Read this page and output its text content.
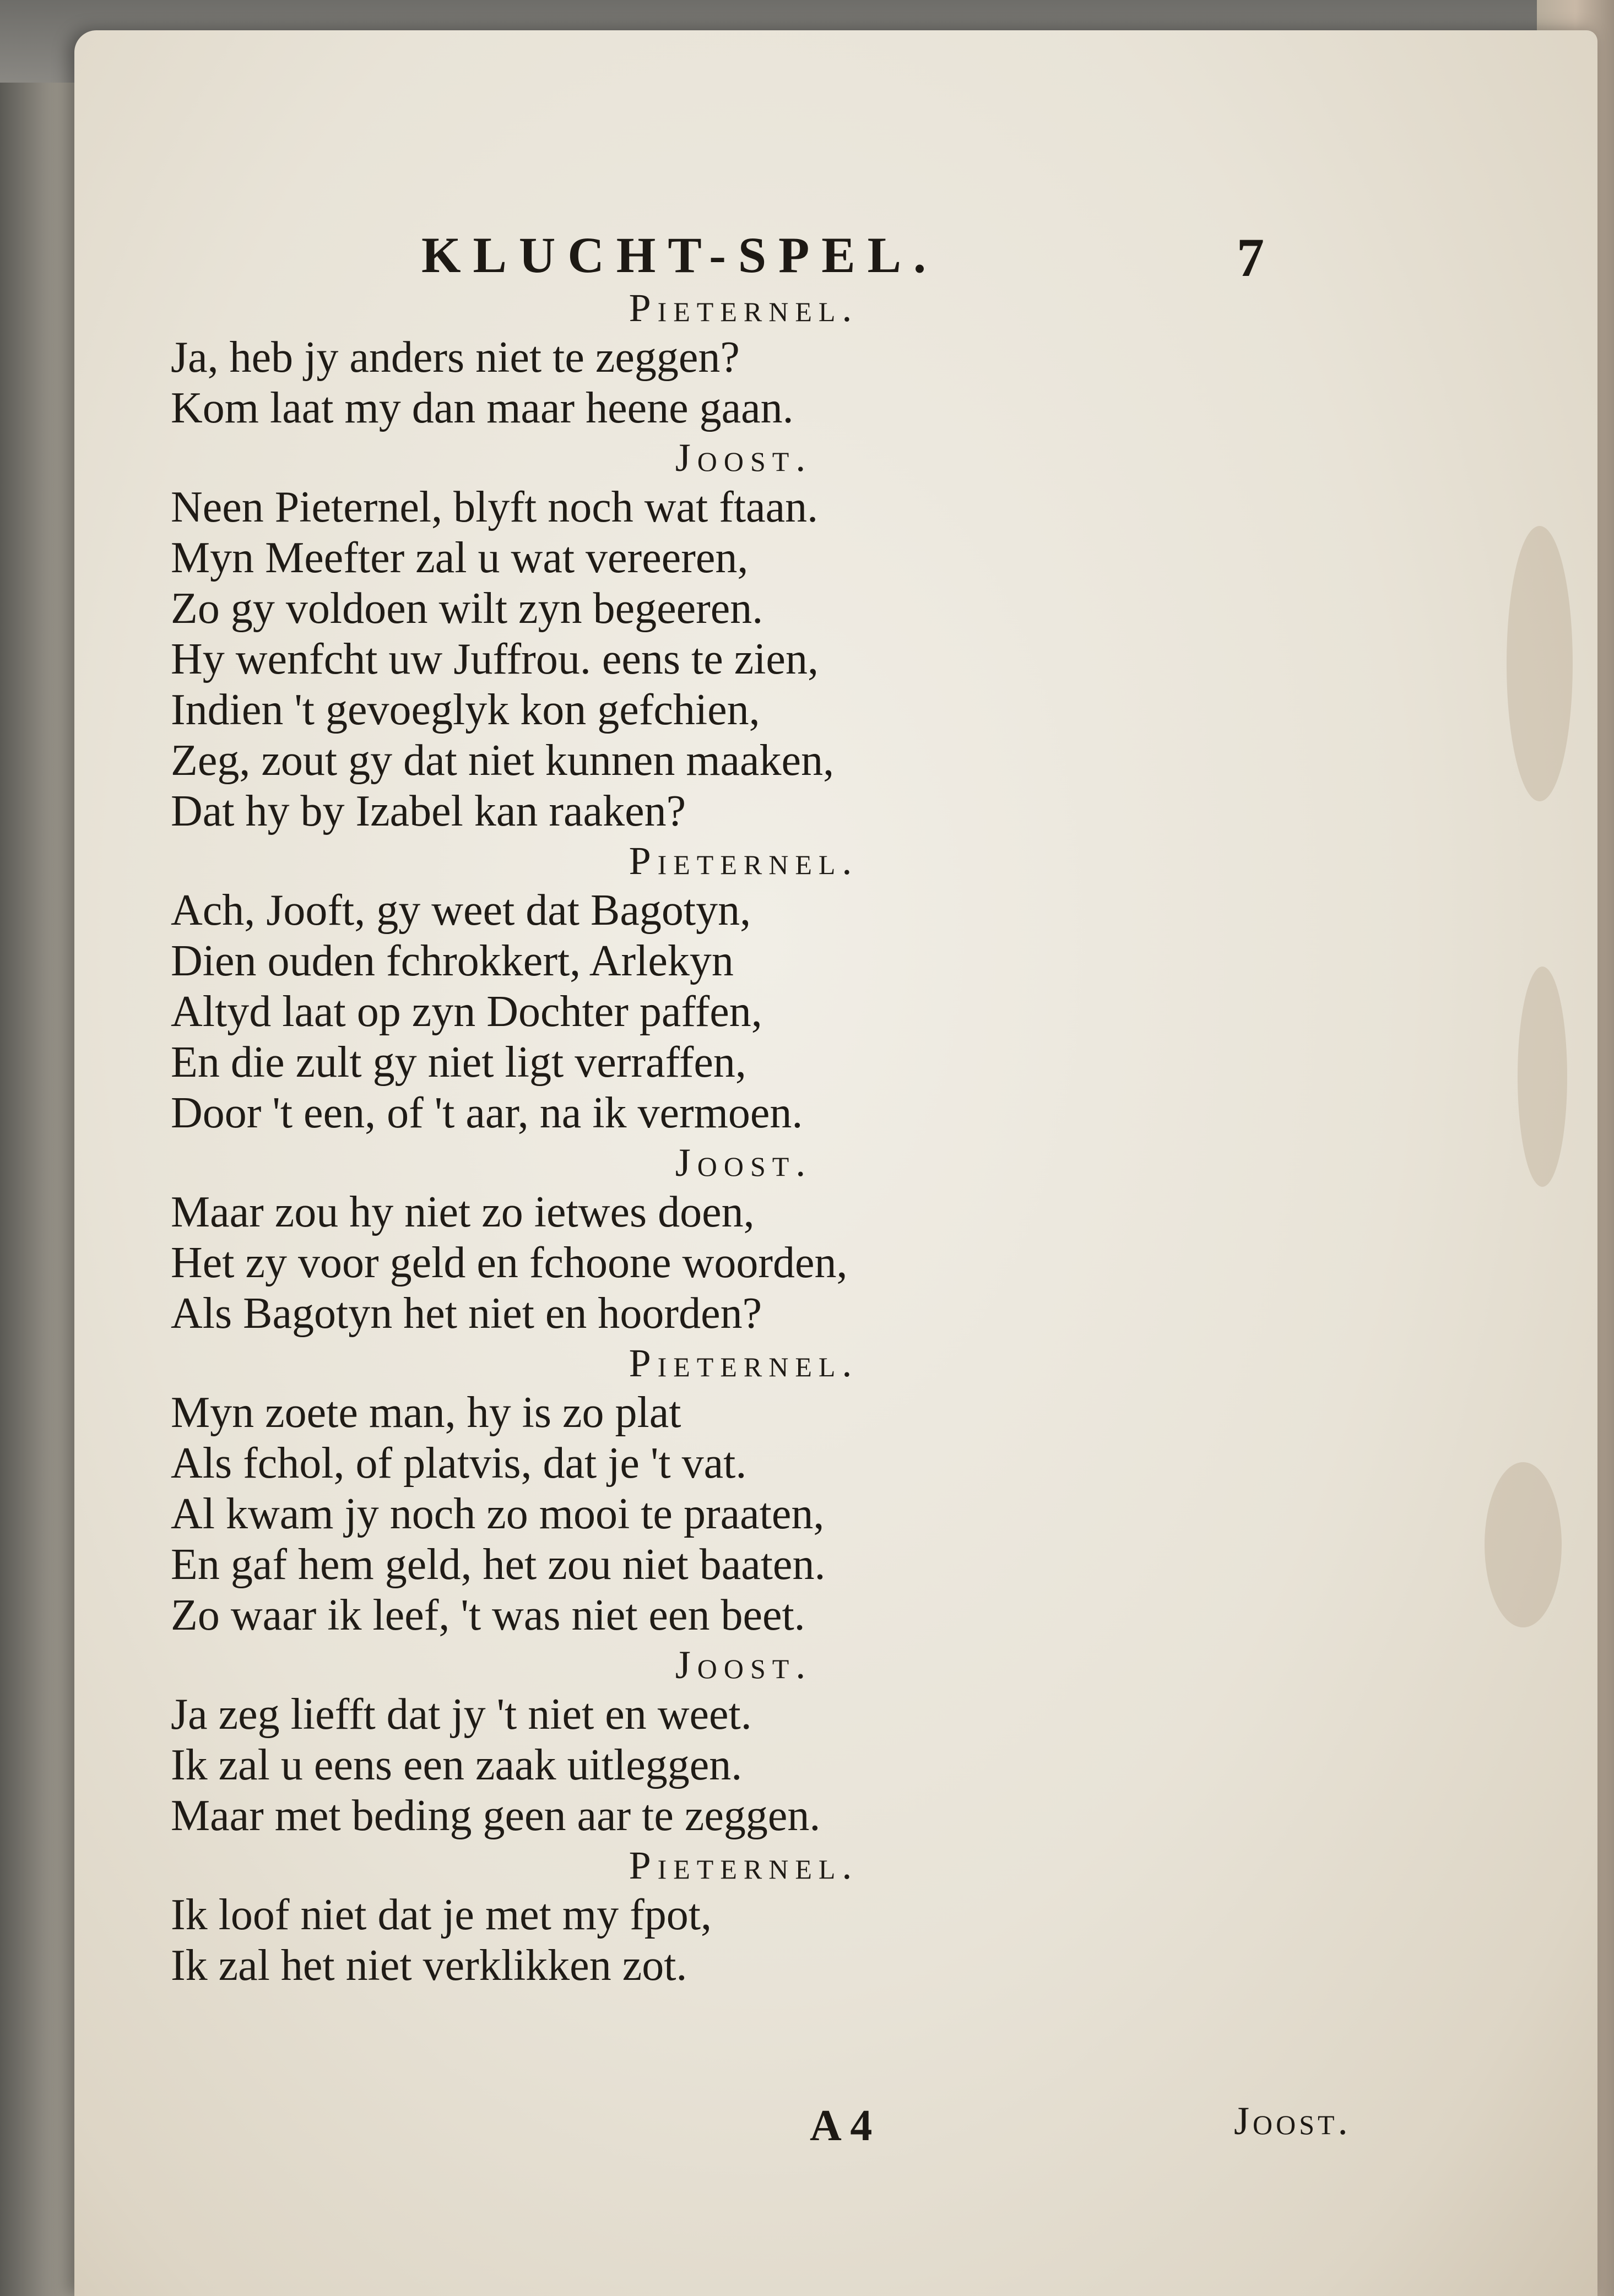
KLUCHT-SPEL.	7
Pieternel.
Ja, heb jy anders niet te zeggen?
Kom laat my dan maar heene gaan.
Joost.
Neen Pieternel, blyft noch wat ftaan.
Myn Meefter zal u wat vereeren,
Zo gy voldoen wilt zyn begeeren.
Hy wenfcht uw Juffrou. eens te zien,
Indien 't gevoeglyk kon gefchien,
Zeg, zout gy dat niet kunnen maaken,
Dat hy by Izabel kan raaken?
Pieternel.
Ach, Jooft, gy weet dat Bagotyn,
Dien ouden fchrokkert, Arlekyn
Altyd laat op zyn Dochter paffen,
En die zult gy niet ligt verraffen,
Door 't een, of 't aar, na ik vermoen.
Joost.
Maar zou hy niet zo ietwes doen,
Het zy voor geld en fchoone woorden,
Als Bagotyn het niet en hoorden?
Pieternel.
Myn zoete man, hy is zo plat
Als fchol, of platvis, dat je 't vat.
Al kwam jy noch zo mooi te praaten,
En gaf hem geld, het zou niet baaten.
Zo waar ik leef, 't was niet een beet.
Joost.
Ja zeg liefft dat jy 't niet en weet.
Ik zal u eens een zaak uitleggen.
Maar met beding geen aar te zeggen.
Pieternel.
Ik loof niet dat je met my fpot,
Ik zal het niet verklikken zot.
A 4	Joost.
